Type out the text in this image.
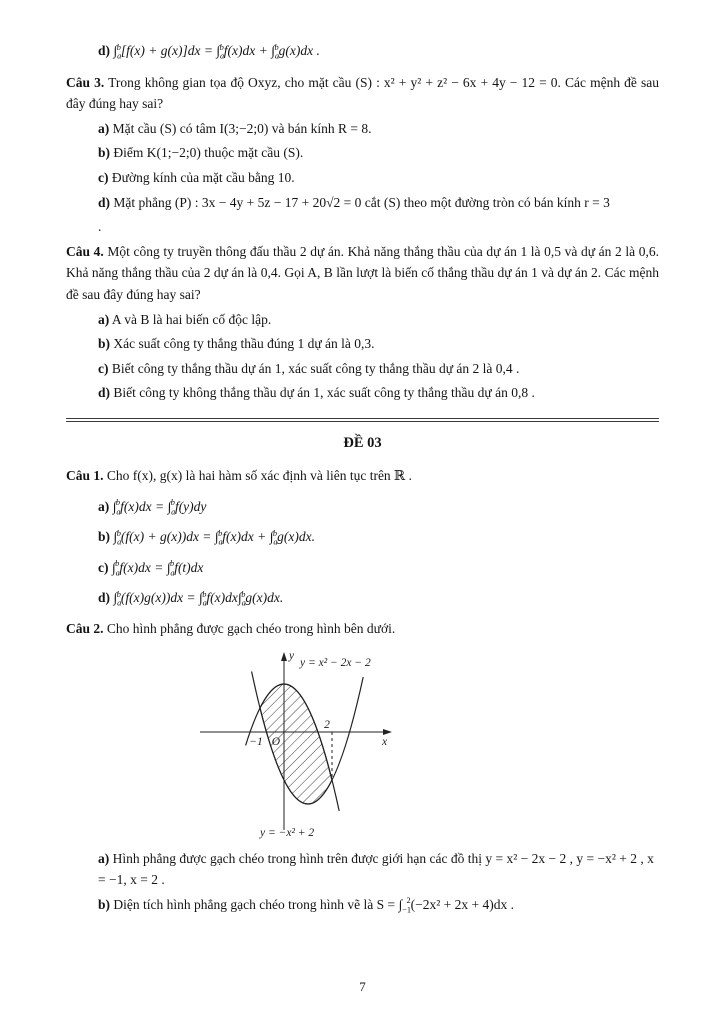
d) $\int_a^b[f(x) + g(x)]dx = \int_a^bf(x)dx + \int_a^bg(x)dx$ .

Câu 3. Trong không gian tọa độ Oxyz, cho mặt cầu (S) : x² + y² + z² − 6x + 4y − 12 = 0. Các mệnh đề sau đây đúng hay sai?

a) Mặt cầu (S) có tâm I(3;−2;0) và bán kính R = 8.
b) Điểm K(1;−2;0) thuộc mặt cầu (S).
c) Đường kính của mặt cầu bằng 10.
d) Mặt phẳng (P) : 3x − 4y + 5z − 17 + 20√2 = 0 cắt (S) theo một đường tròn có bán kính r = 3
.

Câu 4. Một công ty truyền thông đấu thầu 2 dự án. Khả năng thắng thầu của dự án 1 là 0,5 và dự án 2 là 0,6. Khả năng thắng thầu của 2 dự án là 0,4. Gọi A, B lần lượt là biến cố thắng thầu dự án 1 và dự án 2. Các mệnh đề sau đây đúng hay sai?

a) A và B là hai biến cố độc lập.
b) Xác suất công ty thắng thầu đúng 1 dự án là 0,3.
c) Biết công ty thắng thầu dự án 1, xác suất công ty thắng thầu dự án 2 là 0,4 .
d) Biết công ty không thắng thầu dự án 1, xác suất công ty thắng thầu dự án 0,8 .
ĐỀ 03

Câu 1. Cho f(x), g(x) là hai hàm số xác định và liên tục trên ℝ .

a) $\int_a^bf(x)dx = \int_a^bf(y)dy$
b) $\int_a^b(f(x) + g(x))dx = \int_a^bf(x)dx + \int_a^bg(x)dx$.
c) $\int_a^bf(x)dx = \int_a^bf(t)dx$
d) $\int_a^b(f(x)g(x))dx = \int_a^bf(x)dx\int_a^bg(x)dx$.

Câu 2. Cho hình phẳng được gạch chéo trong hình bên dưới.

y
x
O
−1
2
y = x² − 2x − 2
y = −x² + 2
a) Hình phẳng được gạch chéo trong hình trên được giới hạn các đồ thị y = x² − 2x − 2 , y = −x² + 2 , x = −1, x = 2 .
b) Diện tích hình phẳng gạch chéo trong hình vẽ là $S = \int_{-1}^2(-2x^2 + 2x + 4)dx$ .
7
